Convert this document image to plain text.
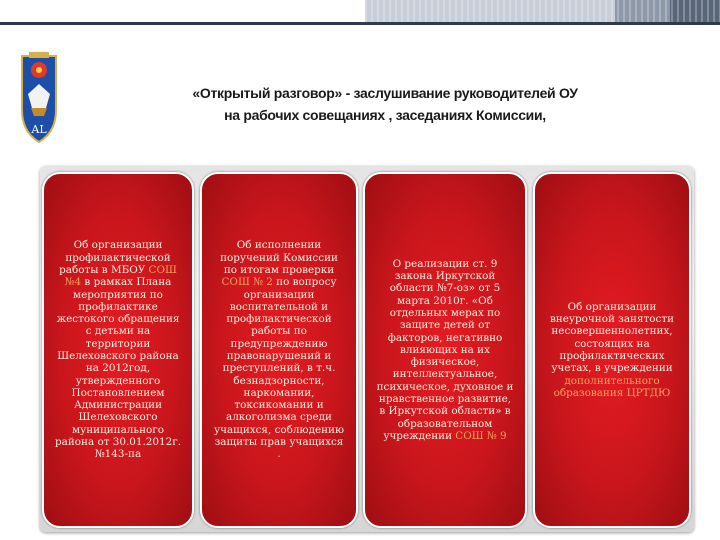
AL
«Открытый разговор» - заслушивание руководителей ОУ
на рабочих совещаниях , заседаниях Комиссии,
Об организации профилактической работы в МБОУ СОШ №4 в рамках Плана мероприятия по профилактике жестокого обращения с детьми на территории Шелеховского района на 2012год, утвержденного Постановлением Администрации Шелеховского муниципального района от 30.01.2012г. №143-па
Об исполнении поручений Комиссии по итогам проверки СОШ № 2 по вопросу организации воспитательной и профилактической работы по предупреждению правонарушений и преступлений, в т.ч. безнадзорности, наркомании, токсикомании и алкоголизма среди учащихся, соблюдению защиты прав учащихся .
О реализации ст. 9 закона Иркутской области №7-оз» от 5 марта 2010г. «Об отдельных мерах по защите детей от факторов, негативно влияющих на их физическое, интеллектуальное, психическое, духовное и нравственное развитие, в Иркутской области» в образовательном учреждении СОШ № 9
Об организации внеурочной занятости несовершеннолетних, состоящих на профилактических учетах, в учреждении дополнительного образования ЦРТДЮ
